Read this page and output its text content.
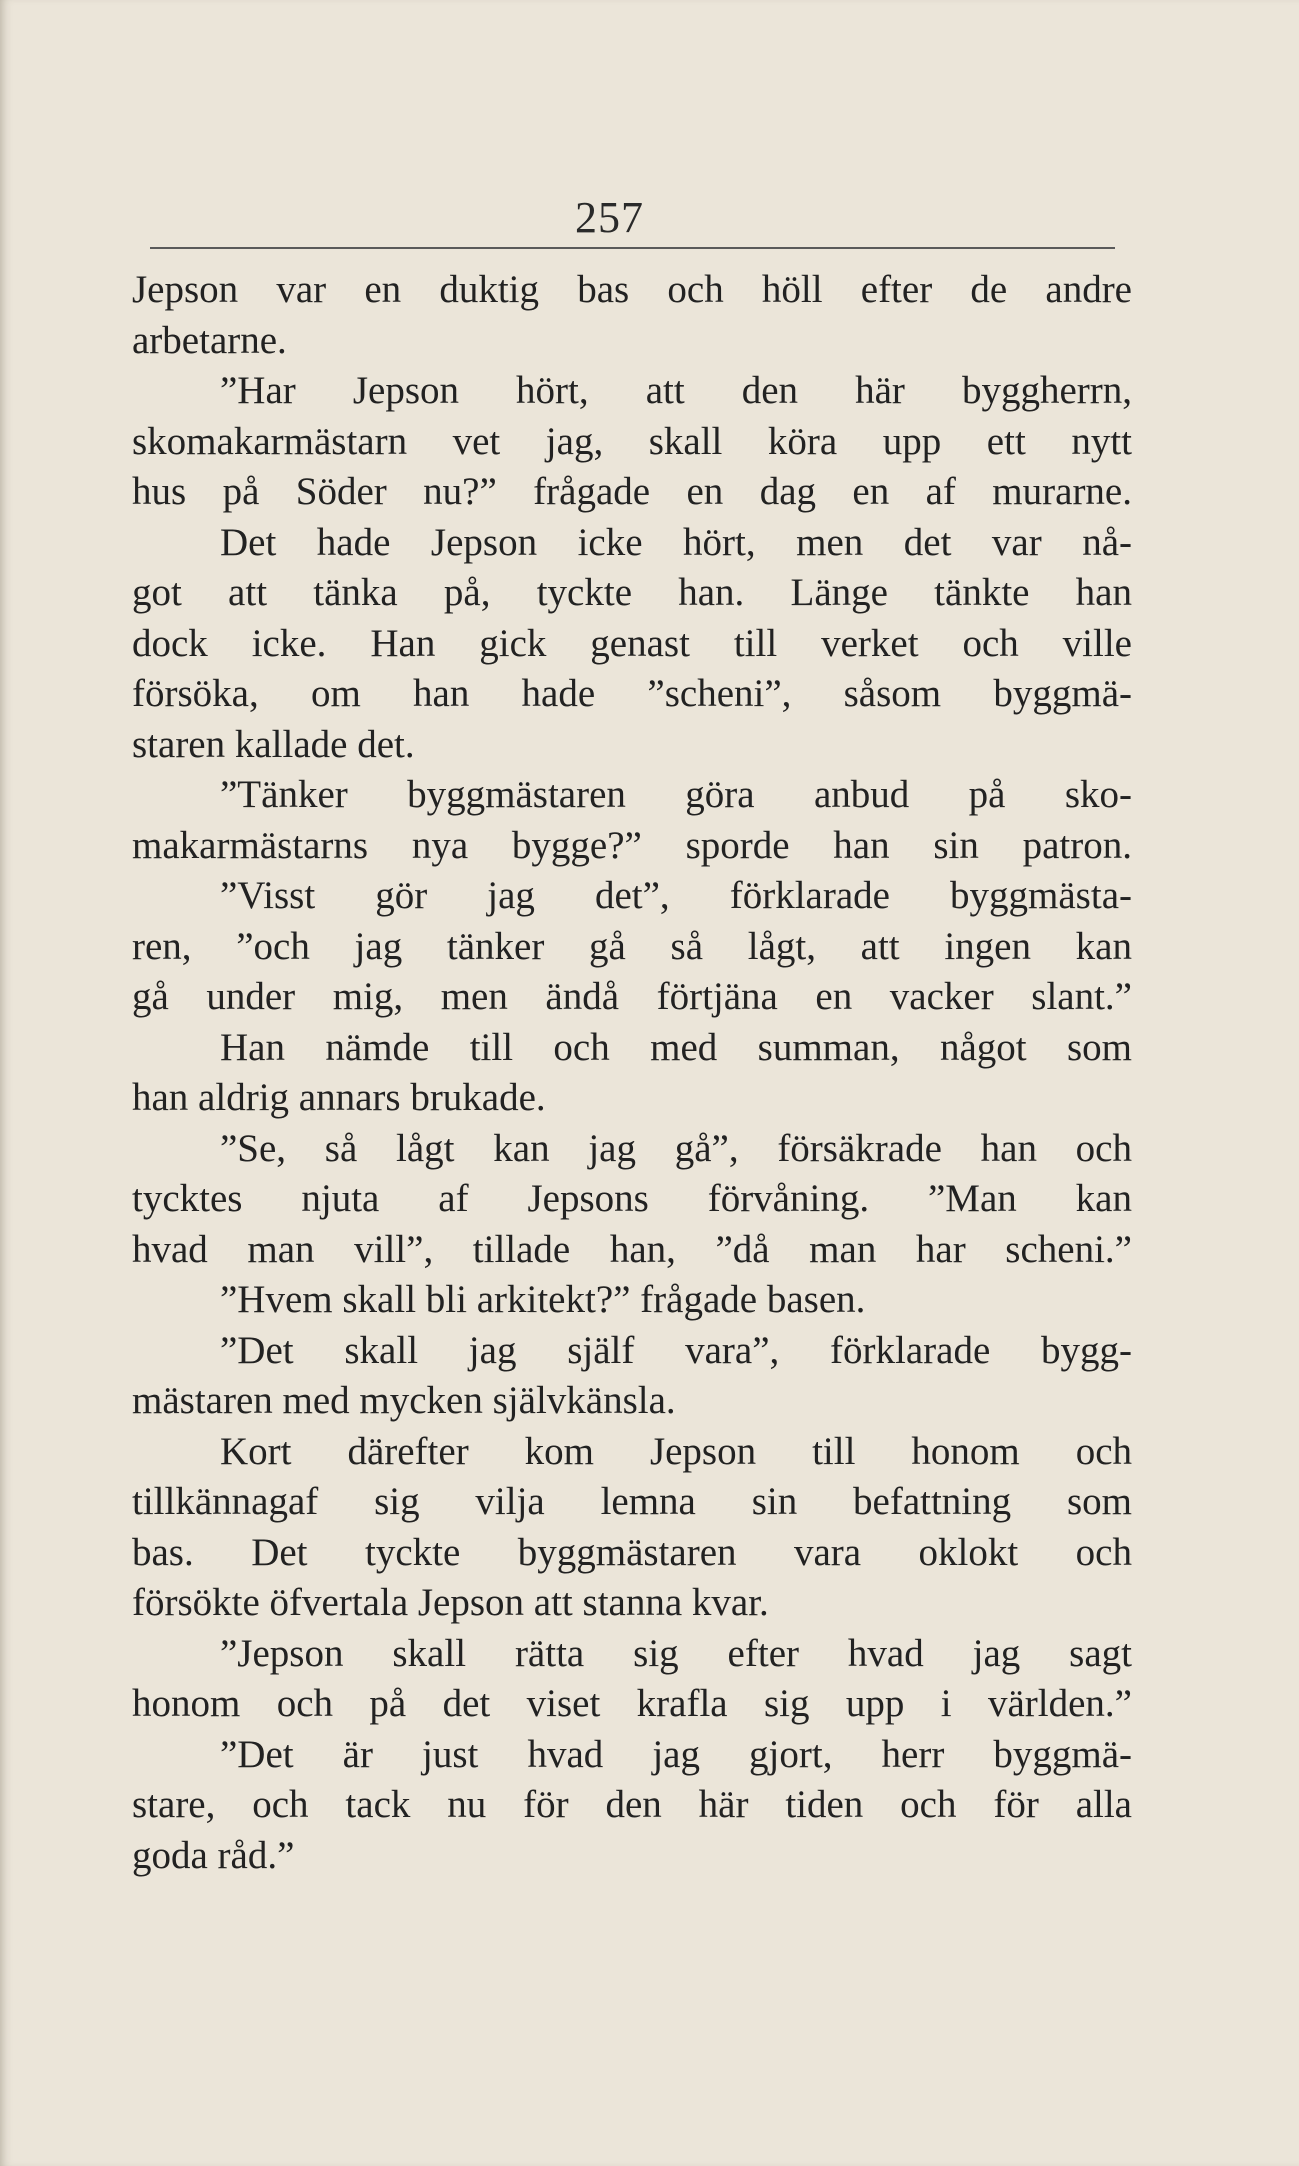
257
Jepson var en duktig bas och höll efter de andre
arbetarne.
”Har Jepson hört, att den här byggherrn,
skomakarmästarn vet jag, skall köra upp ett nytt
hus på Söder nu?” frågade en dag en af murarne.
Det hade Jepson icke hört, men det var nå-
got att tänka på, tyckte han. Länge tänkte han
dock icke. Han gick genast till verket och ville
försöka, om han hade ”scheni”, såsom byggmä-
staren kallade det.
”Tänker byggmästaren göra anbud på sko-
makarmästarns nya bygge?” sporde han sin patron.
”Visst gör jag det”, förklarade byggmästa-
ren, ”och jag tänker gå så lågt, att ingen kan
gå under mig, men ändå förtjäna en vacker slant.”
Han nämde till och med summan, något som
han aldrig annars brukade.
”Se, så lågt kan jag gå”, försäkrade han och
tycktes njuta af Jepsons förvåning. ”Man kan
hvad man vill”, tillade han, ”då man har scheni.”
”Hvem skall bli arkitekt?” frågade basen.
”Det skall jag själf vara”, förklarade bygg-
mästaren med mycken självkänsla.
Kort därefter kom Jepson till honom och
tillkännagaf sig vilja lemna sin befattning som
bas. Det tyckte byggmästaren vara oklokt och
försökte öfvertala Jepson att stanna kvar.
”Jepson skall rätta sig efter hvad jag sagt
honom och på det viset krafla sig upp i världen.”
”Det är just hvad jag gjort, herr byggmä-
stare, och tack nu för den här tiden och för alla
goda råd.”
